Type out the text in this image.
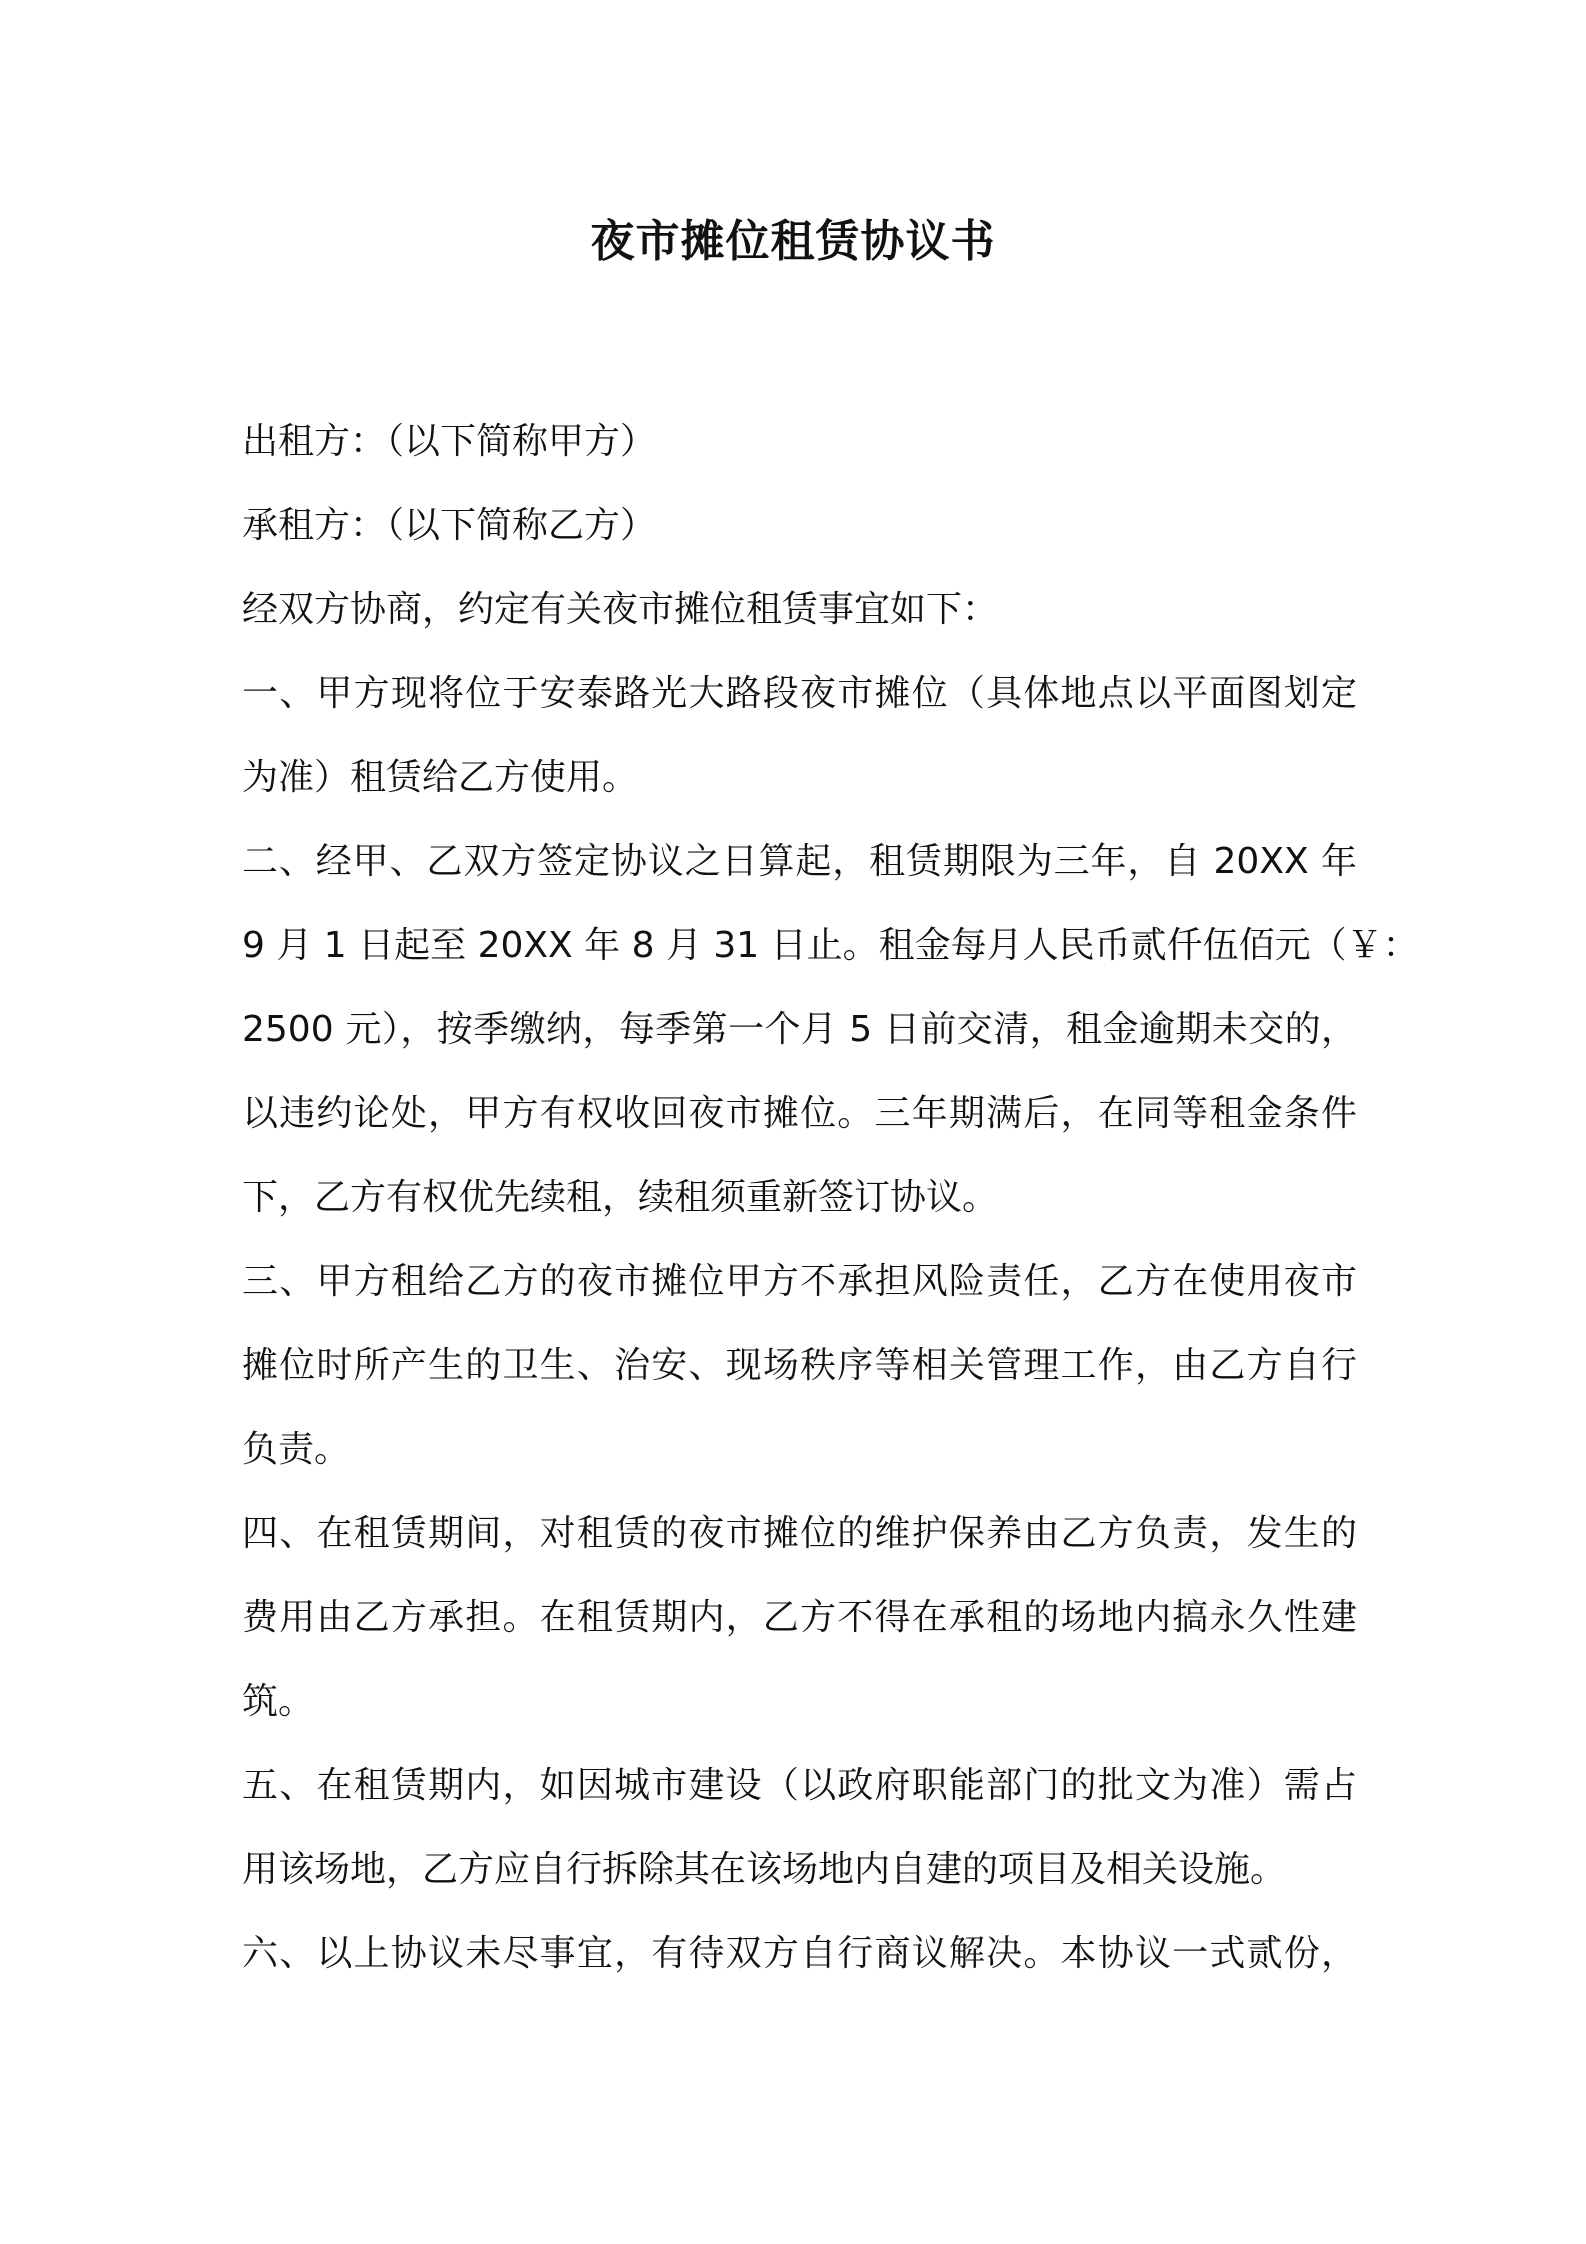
夜市摊位租赁协议书
出租方：（以下简称甲方）
承租方：（以下简称乙方）
经双方协商，约定有关夜市摊位租赁事宜如下：
一、甲方现将位于安泰路光大路段夜市摊位（具体地点以平面图划定
为准）租赁给乙方使用。
二、经甲、乙双方签定协议之日算起，租赁期限为三年，自 20XX 年
9 月 1 日起至 20XX 年 8 月 31 日止。租金每月人民币贰仟伍佰元（￥：
2500 元），按季缴纳，每季第一个月 5 日前交清，租金逾期未交的，
以违约论处，甲方有权收回夜市摊位。三年期满后，在同等租金条件
下，乙方有权优先续租，续租须重新签订协议。
三、甲方租给乙方的夜市摊位甲方不承担风险责任，乙方在使用夜市
摊位时所产生的卫生、治安、现场秩序等相关管理工作，由乙方自行
负责。
四、在租赁期间，对租赁的夜市摊位的维护保养由乙方负责，发生的
费用由乙方承担。在租赁期内，乙方不得在承租的场地内搞永久性建
筑。
五、在租赁期内，如因城市建设（以政府职能部门的批文为准）需占
用该场地，乙方应自行拆除其在该场地内自建的项目及相关设施。
六、以上协议未尽事宜，有待双方自行商议解决。本协议一式贰份，
